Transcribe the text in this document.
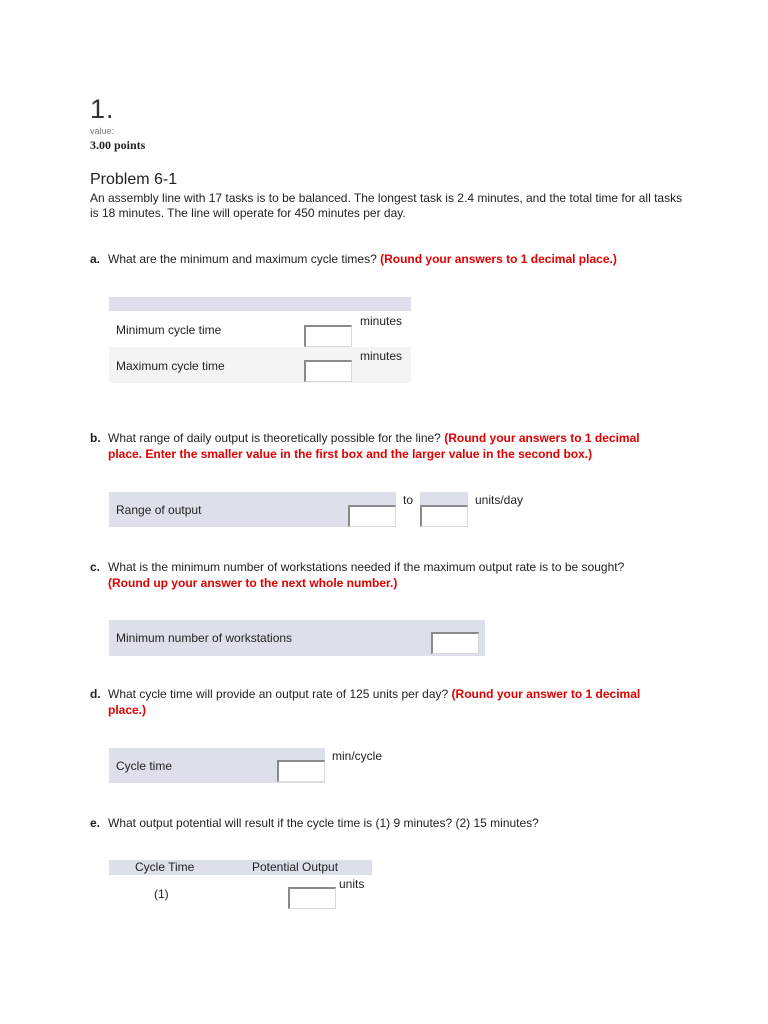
1.
value:
3.00 points
Problem 6-1
An assembly line with 17 tasks is to be balanced. The longest task is 2.4 minutes, and the total time for all tasks is 18 minutes. The line will operate for 450 minutes per day.
a. What are the minimum and maximum cycle times? (Round your answers to 1 decimal place.)
Minimum cycle time
minutes
Maximum cycle time
minutes
b. What range of daily output is theoretically possible for the line? (Round your answers to 1 decimal
place. Enter the smaller value in the first box and the larger value in the second box.)
Range of output
to	units/day
c. What is the minimum number of workstations needed if the maximum output rate is to be sought?
(Round up your answer to the next whole number.)
Minimum number of workstations
d. What cycle time will provide an output rate of 125 units per day? (Round your answer to 1 decimal
place.)
Cycle time
min/cycle
e. What output potential will result if the cycle time is (1) 9 minutes? (2) 15 minutes?
Cycle Time	Potential Output
(1)
units
